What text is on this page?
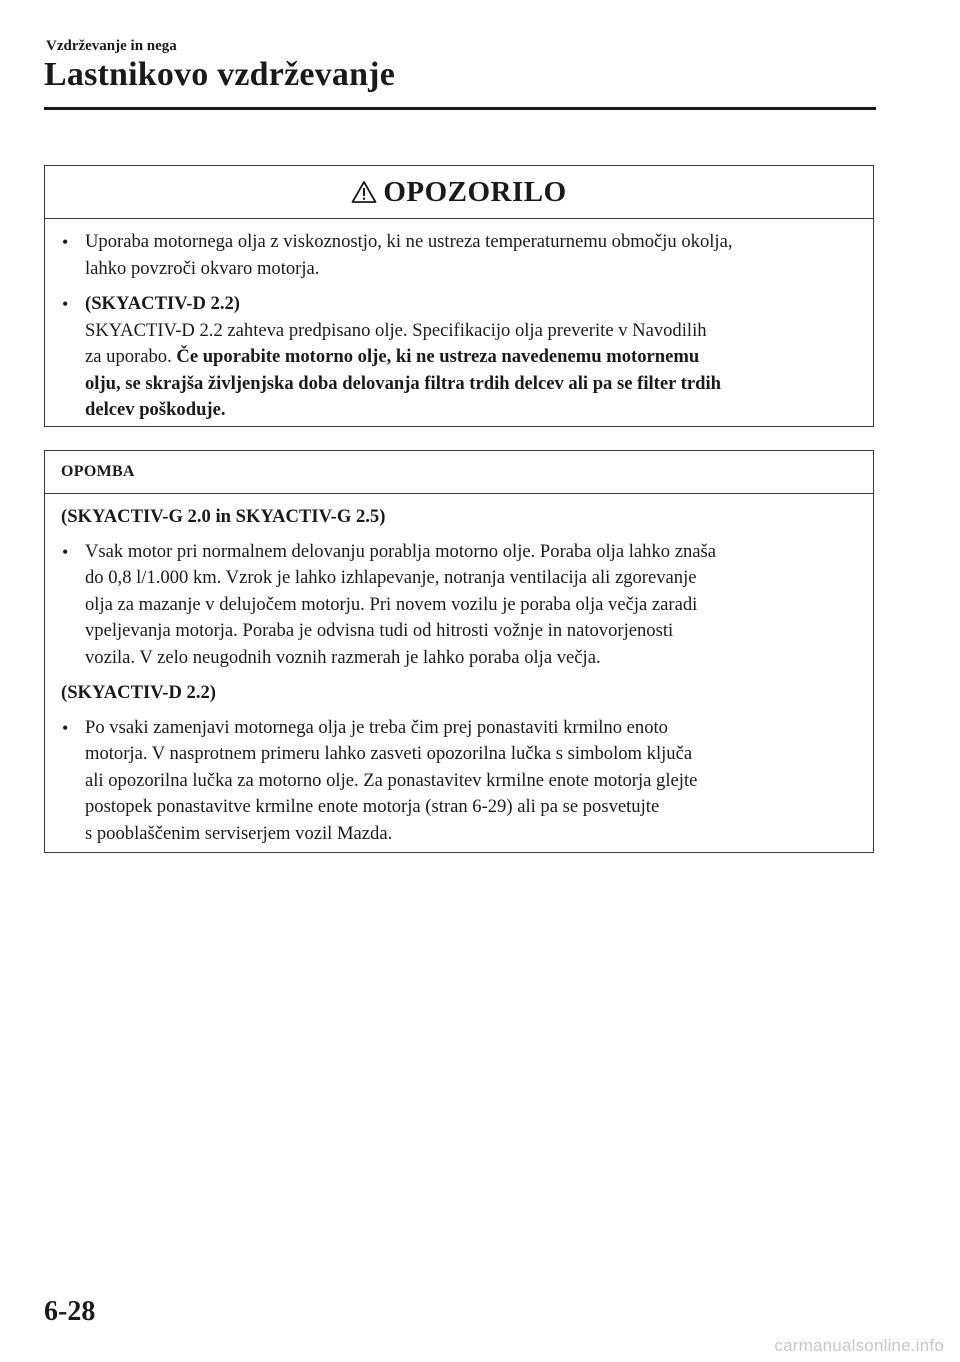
Vzdrževanje in nega
Lastnikovo vzdrževanje
OPOZORILO
• Uporaba motornega olja z viskoznostjo, ki ne ustreza temperaturnemu območju okolja,
lahko povzroči okvaro motorja.
• (SKYACTIV-D 2.2)
SKYACTIV-D 2.2 zahteva predpisano olje. Specifikacijo olja preverite v Navodilih
za uporabo. Če uporabite motorno olje, ki ne ustreza navedenemu motornemu
olju, se skrajša življenjska doba delovanja filtra trdih delcev ali pa se filter trdih
delcev poškoduje.
OPOMBA
(SKYACTIV-G 2.0 in SKYACTIV-G 2.5)
• Vsak motor pri normalnem delovanju porablja motorno olje. Poraba olja lahko znaša
do 0,8 l/1.000 km. Vzrok je lahko izhlapevanje, notranja ventilacija ali zgorevanje
olja za mazanje v delujočem motorju. Pri novem vozilu je poraba olja večja zaradi
vpeljevanja motorja. Poraba je odvisna tudi od hitrosti vožnje in natovorjenosti
vozila. V zelo neugodnih voznih razmerah je lahko poraba olja večja.
(SKYACTIV-D 2.2)
• Po vsaki zamenjavi motornega olja je treba čim prej ponastaviti krmilno enoto
motorja. V nasprotnem primeru lahko zasveti opozorilna lučka s simbolom ključa
ali opozorilna lučka za motorno olje. Za ponastavitev krmilne enote motorja glejte
postopek ponastavitve krmilne enote motorja (stran 6-29) ali pa se posvetujte
s pooblaščenim serviserjem vozil Mazda.
6-28
carmanualsonline.info
